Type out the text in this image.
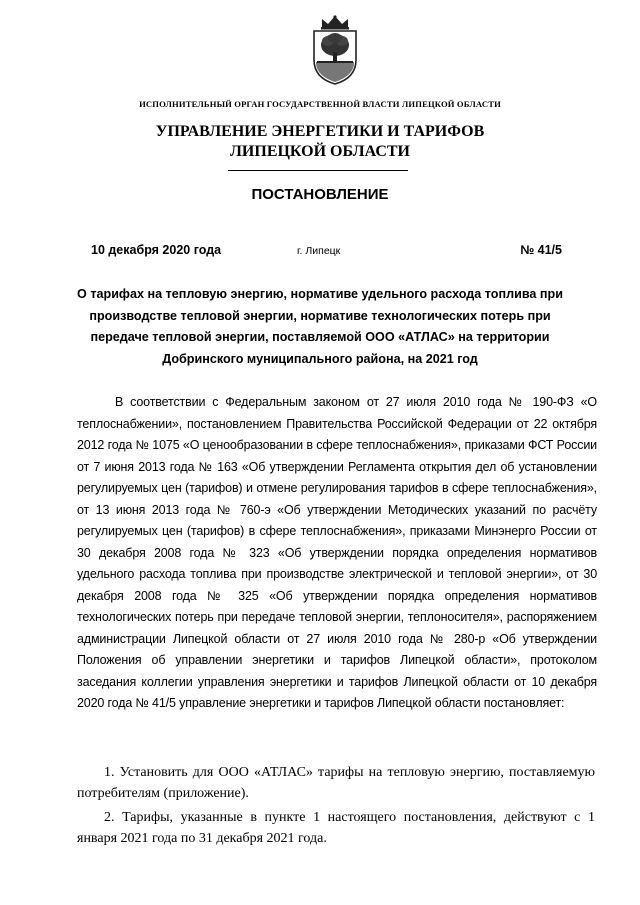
ИСПОЛНИТЕЛЬНЫЙ ОРГАН ГОСУДАРСТВЕННОЙ ВЛАСТИ ЛИПЕЦКОЙ ОБЛАСТИ
УПРАВЛЕНИЕ ЭНЕРГЕТИКИ И ТАРИФОВ
ЛИПЕЦКОЙ ОБЛАСТИ
ПОСТАНОВЛЕНИЕ
10 декабря 2020 года	г. Липецк	№ 41/5
О тарифах на тепловую энергию, нормативе удельного расхода топлива при производстве тепловой энергии, нормативе технологических потерь при передаче тепловой энергии, поставляемой ООО «АТЛАС» на территории Добринского муниципального района, на 2021 год
В соответствии с Федеральным законом от 27 июля 2010 года № 190-ФЗ «О теплоснабжении», постановлением Правительства Российской Федерации от 22 октября 2012 года № 1075 «О ценообразовании в сфере теплоснабжения», приказами ФСТ России от 7 июня 2013 года № 163 «Об утверждении Регламента открытия дел об установлении регулируемых цен (тарифов) и отмене регулирования тарифов в сфере теплоснабжения», от 13 июня 2013 года № 760-э «Об утверждении Методических указаний по расчёту регулируемых цен (тарифов) в сфере теплоснабжения», приказами Минэнерго России от 30 декабря 2008 года № 323 «Об утверждении порядка определения нормативов удельного расхода топлива при производстве электрической и тепловой энергии», от 30 декабря 2008 года № 325 «Об утверждении порядка определения нормативов технологических потерь при передаче тепловой энергии, теплоносителя», распоряжением администрации Липецкой области от 27 июля 2010 года № 280-р «Об утверждении Положения об управлении энергетики и тарифов Липецкой области», протоколом заседания коллегии управления энергетики и тарифов Липецкой области от 10 декабря 2020 года № 41/5 управление энергетики и тарифов Липецкой области постановляет:
1. Установить для ООО «АТЛАС» тарифы на тепловую энергию, поставляемую потребителям (приложение).
2. Тарифы, указанные в пункте 1 настоящего постановления, действуют с 1 января 2021 года по 31 декабря 2021 года.
